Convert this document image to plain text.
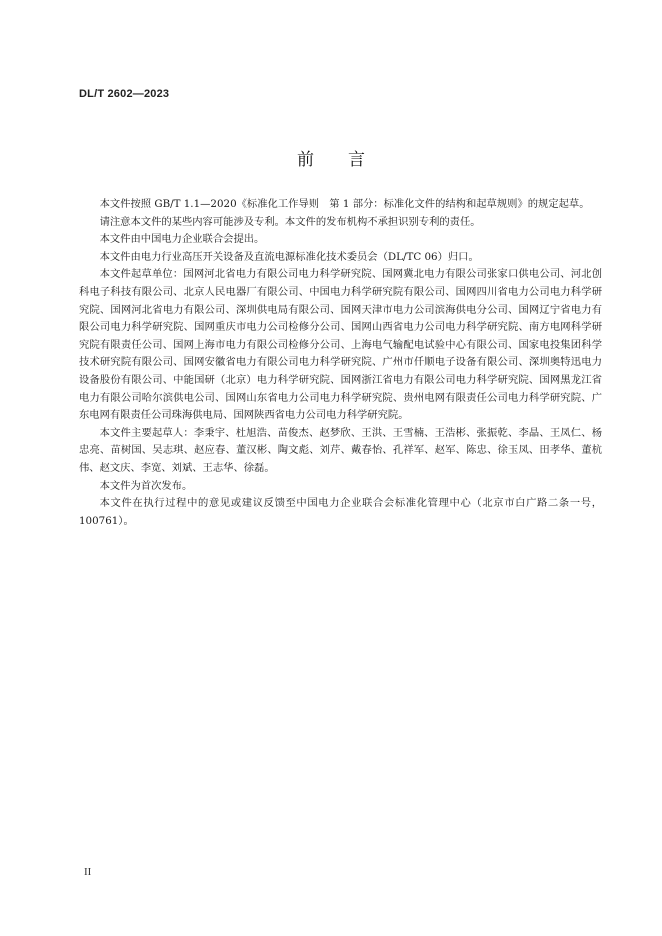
DL/T 2602—2023
前言

本文件按照 GB/T 1.1—2020《标准化工作导则　第 1 部分：标准化文件的结构和起草规则》的规定起草。

请注意本文件的某些内容可能涉及专利。本文件的发布机构不承担识别专利的责任。

本文件由中国电力企业联合会提出。

本文件由电力行业高压开关设备及直流电源标准化技术委员会（DL/TC 06）归口。

本文件起草单位：国网河北省电力有限公司电力科学研究院、国网冀北电力有限公司张家口供电公司、河北创科电子科技有限公司、北京人民电器厂有限公司、中国电力科学研究院有限公司、国网四川省电力公司电力科学研究院、国网河北省电力有限公司、深圳供电局有限公司、国网天津市电力公司滨海供电分公司、国网辽宁省电力有限公司电力科学研究院、国网重庆市电力公司检修分公司、国网山西省电力公司电力科学研究院、南方电网科学研究院有限责任公司、国网上海市电力有限公司检修分公司、上海电气输配电试验中心有限公司、国家电投集团科学技术研究院有限公司、国网安徽省电力有限公司电力科学研究院、广州市仟顺电子设备有限公司、深圳奥特迅电力设备股份有限公司、中能国研（北京）电力科学研究院、国网浙江省电力有限公司电力科学研究院、国网黑龙江省电力有限公司哈尔滨供电公司、国网山东省电力公司电力科学研究院、贵州电网有限责任公司电力科学研究院、广东电网有限责任公司珠海供电局、国网陕西省电力公司电力科学研究院。

本文件主要起草人：李秉宇、杜旭浩、苗俊杰、赵梦欣、王洪、王雪楠、王浩彬、张振乾、李晶、王凤仁、杨忠亮、苗树国、吴志琪、赵应春、董汉彬、陶文彪、刘芹、戴春怡、孔祥军、赵军、陈忠、徐玉凤、田孝华、董杭伟、赵文庆、李宽、刘斌、王志华、徐磊。

本文件为首次发布。

本文件在执行过程中的意见或建议反馈至中国电力企业联合会标准化管理中心（北京市白广路二条一号，100761）。

II
